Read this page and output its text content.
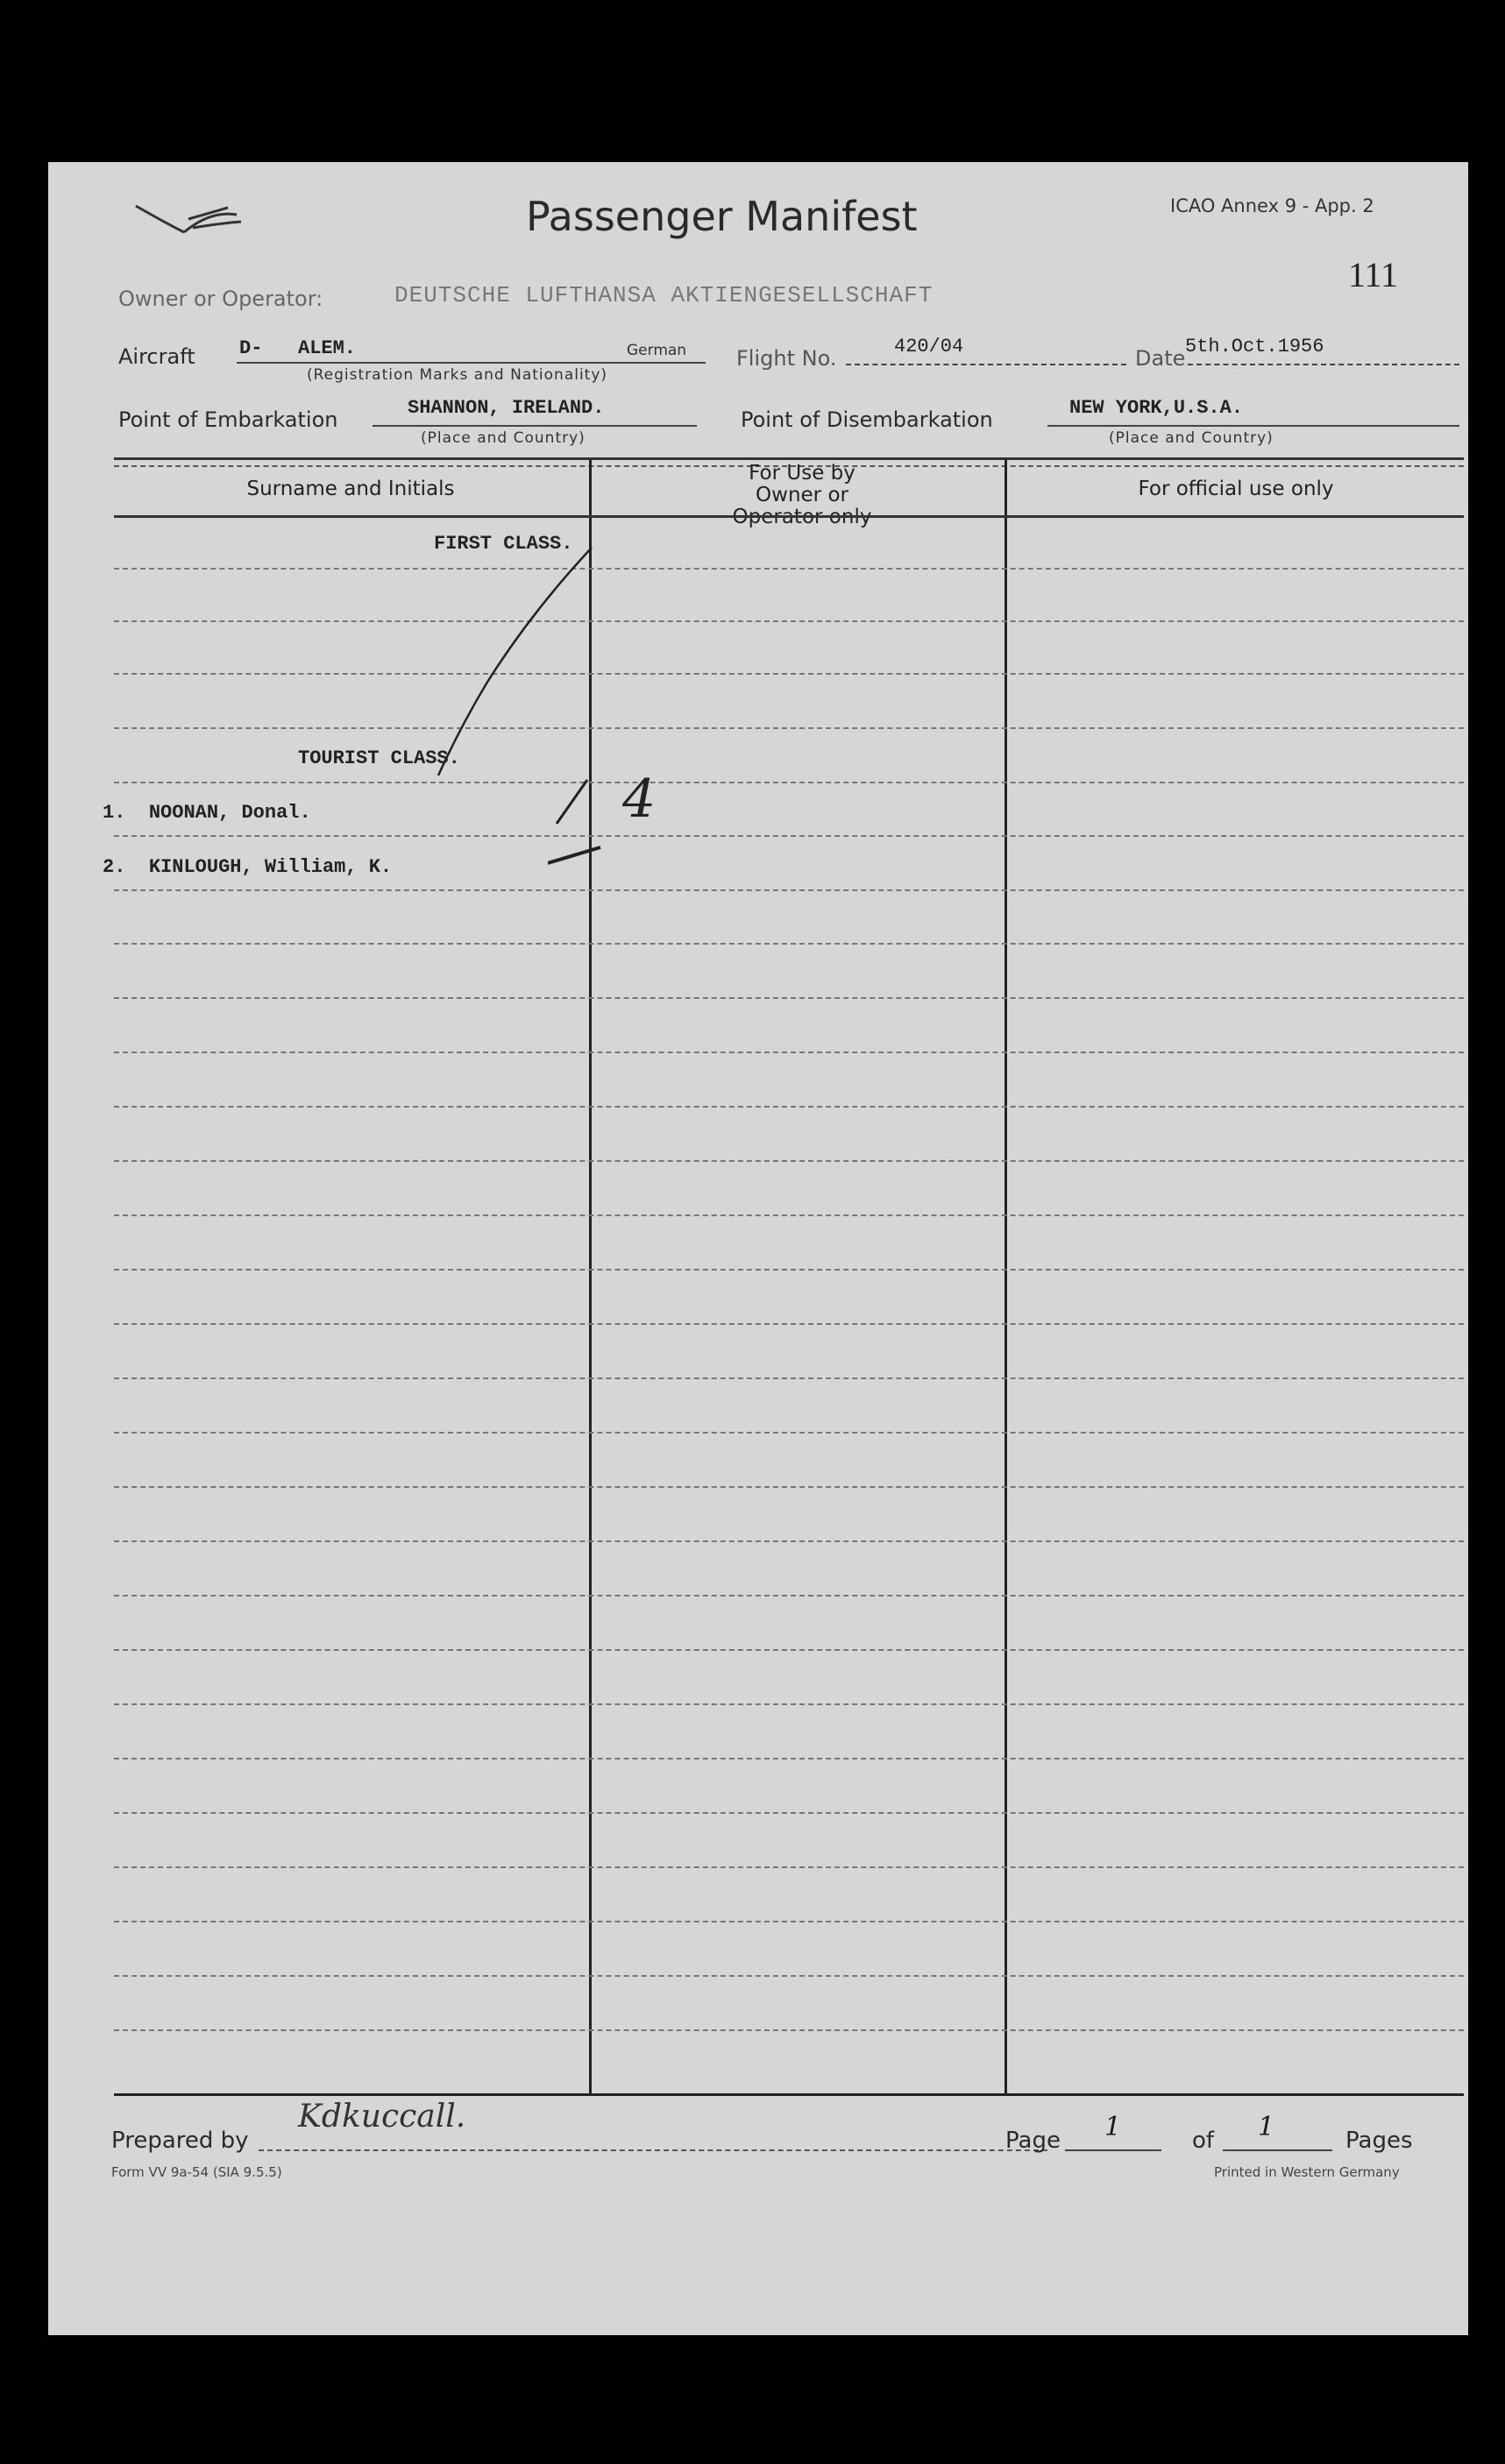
Passenger Manifest	ICAO Annex 9 - App. 2
111
Owner or Operator:	DEUTSCHE LUFTHANSA AKTIENGESELLSCHAFT
Aircraft D- ALEM.	German
(Registration Marks and Nationality)
Flight No.	420/04	Date 5th.Oct.1956
Point of Embarkation	SHANNON, IRELAND.
(Place and Country)
Point of Disembarkation	NEW YORK,U.S.A.
(Place and Country)
Surname and Initials
For Use by Owner or Operator only
For official use only
FIRST CLASS.
TOURIST CLASS.
1. NOONAN, Donal.
2. KINLOUGH, William, K.
4
Prepared by
Kdkuccall.
Page 1	of 1	Pages
Form VV 9a-54 (SIA 9.5.5)	Printed in Western Germany
